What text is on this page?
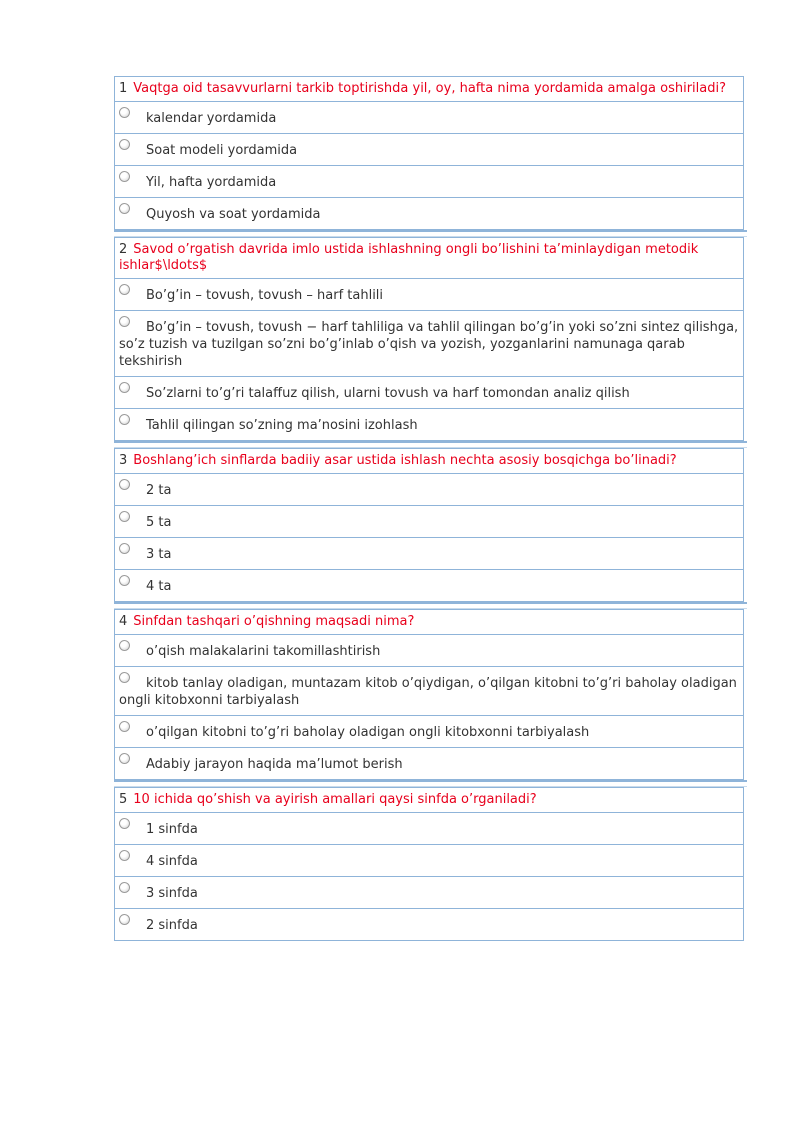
1 Vaqtga oid tasavvurlarni tarkib toptirishda yil, oy, hafta nima yordamida amalga oshiriladi?
kalendar yordamida
Soat modeli yordamida
Yil, hafta yordamida
Quyosh va soat yordamida
2 Savod o’rgatish davrida imlo ustida ishlashning ongli bo’lishini ta’minlaydigan metodik ishlar$\ldots$
Bo’g’in – tovush, tovush – harf tahlili
Bo’g’in – tovush, tovush − harf tahliliga va tahlil qilingan bo’g’in yoki so’zni sintez qilishga, so’z tuzish va tuzilgan so’zni bo’g’inlab o’qish va yozish, yozganlarini namunaga qarab tekshirish
So’zlarni to’g’ri talaffuz qilish, ularni tovush va harf tomondan analiz qilish
Tahlil qilingan so’zning ma’nosini izohlash
3 Boshlang’ich sinflarda badiiy asar ustida ishlash nechta asosiy bosqichga bo’linadi?
2 ta
5 ta
3 ta
4 ta
4 Sinfdan tashqari o’qishning maqsadi nima?
o’qish malakalarini takomillashtirish
kitob tanlay oladigan, muntazam kitob o’qiydigan, o’qilgan kitobni to’g’ri baholay oladigan ongli kitobxonni tarbiyalash
o’qilgan kitobni to’g’ri baholay oladigan ongli kitobxonni tarbiyalash
Adabiy jarayon haqida ma’lumot berish
5 10 ichida qo’shish va ayirish amallari qaysi sinfda o’rganiladi?
1 sinfda
4 sinfda
3 sinfda
2 sinfda
